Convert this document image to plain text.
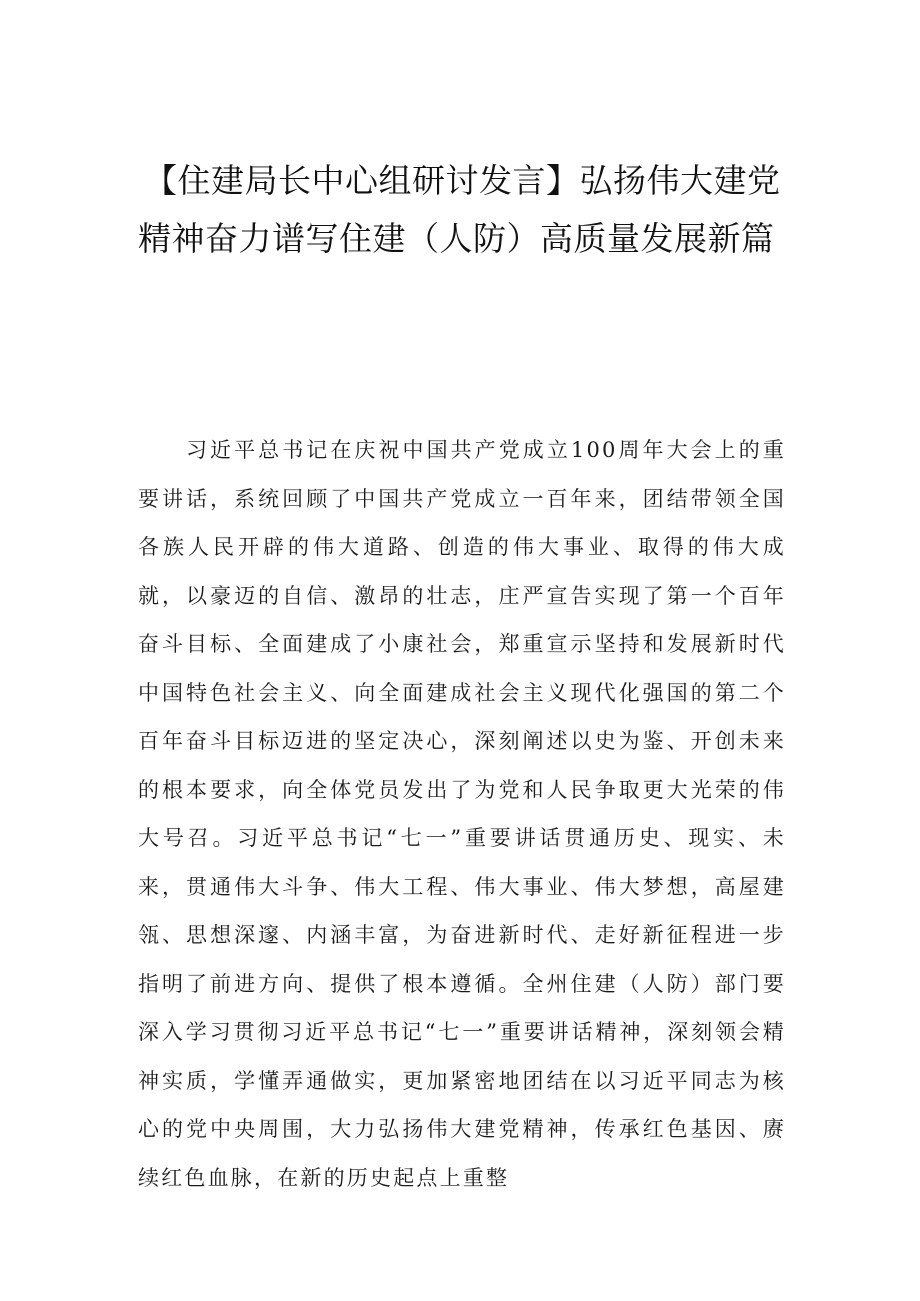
【住建局长中心组研讨发言】弘扬伟大建党
精神奋力谱写住建（人防）高质量发展新篇

习近平总书记在庆祝中国共产党成立100周年大会上的重要讲话，系统回顾了中国共产党成立一百年来，团结带领全国各族人民开辟的伟大道路、创造的伟大事业、取得的伟大成就，以豪迈的自信、激昂的壮志，庄严宣告实现了第一个百年奋斗目标、全面建成了小康社会，郑重宣示坚持和发展新时代中国特色社会主义、向全面建成社会主义现代化强国的第二个百年奋斗目标迈进的坚定决心，深刻阐述以史为鉴、开创未来的根本要求，向全体党员发出了为党和人民争取更大光荣的伟大号召。习近平总书记“七一”重要讲话贯通历史、现实、未来，贯通伟大斗争、伟大工程、伟大事业、伟大梦想，高屋建瓴、思想深邃、内涵丰富，为奋进新时代、走好新征程进一步指明了前进方向、提供了根本遵循。全州住建（人防）部门要深入学习贯彻习近平总书记“七一”重要讲话精神，深刻领会精神实质，学懂弄通做实，更加紧密地团结在以习近平同志为核心的党中央周围，大力弘扬伟大建党精神，传承红色基因、赓续红色血脉，在新的历史起点上重整
